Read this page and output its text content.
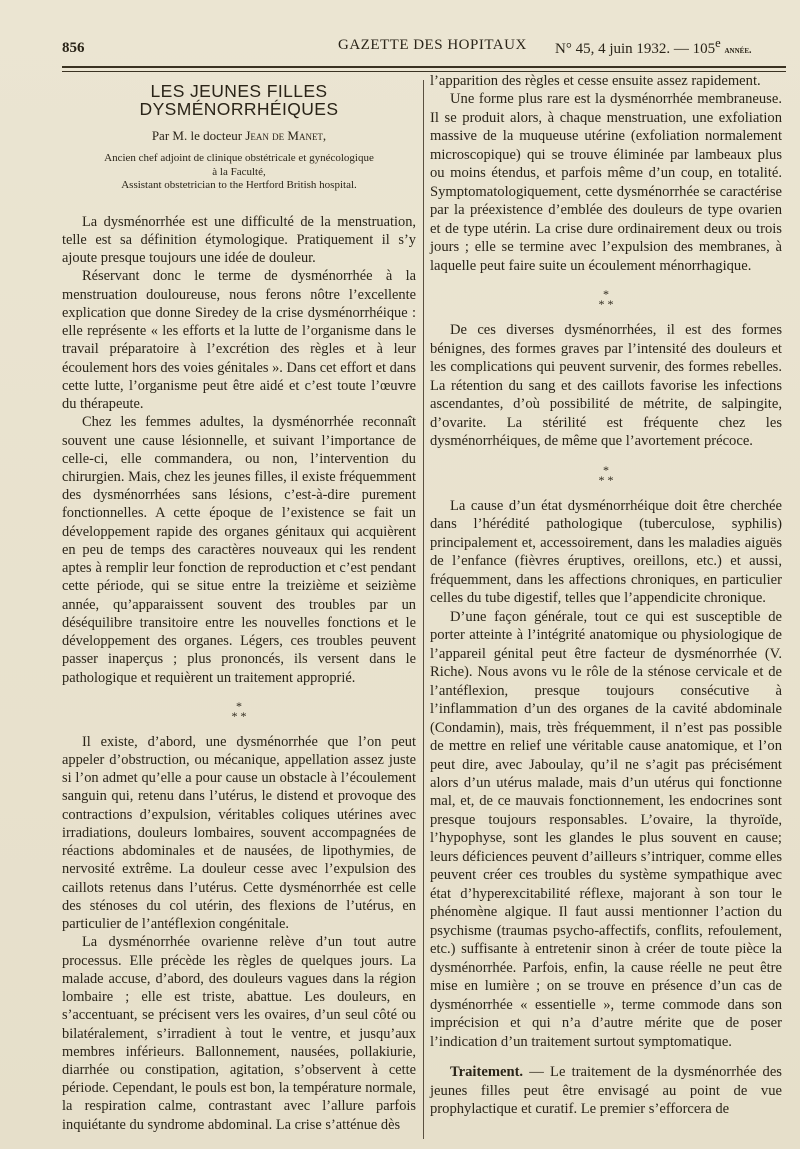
856	GAZETTE DES HOPITAUX N° 45, 4 juin 1932. — 105e année.
LES JEUNES FILLES DYSMÉNORRHÉIQUES
Par M. le docteur Jean de Manet,
Ancien chef adjoint de clinique obstétricale et gynécologique
à la Faculté,
Assistant obstetrician to the Hertford British hospital.

La dysménorrhée est une difficulté de la menstruation, telle est sa définition étymologique. Pratiquement il s’y ajoute presque toujours une idée de douleur.

Réservant donc le terme de dysménorrhée à la menstruation douloureuse, nous ferons nôtre l’excellente explication que donne Siredey de la crise dysménorrhéique : elle représente « les efforts et la lutte de l’organisme dans le travail préparatoire à l’excrétion des règles et à leur écoulement hors des voies génitales ». Dans cet effort et dans cette lutte, l’organisme peut être aidé et c’est toute l’œuvre du thérapeute.

Chez les femmes adultes, la dysménorrhée reconnaît souvent une cause lésionnelle, et suivant l’importance de celle-ci, elle commandera, ou non, l’intervention du chirurgien. Mais, chez les jeunes filles, il existe fréquemment des dysménorrhées sans lésions, c’est-à-dire purement fonctionnelles. A cette époque de l’existence se fait un développement rapide des organes génitaux qui acquièrent en peu de temps des caractères nouveaux qui les rendent aptes à remplir leur fonction de reproduction et c’est pendant cette période, qui se situe entre la treizième et seizième année, qu’apparaissent souvent des troubles par un déséquilibre transitoire entre les nouvelles fonctions et le développement des organes. Légers, ces troubles peuvent passer inaperçus ; plus prononcés, ils versent dans le pathologique et requièrent un traitement approprié.

*
* *

Il existe, d’abord, une dysménorrhée que l’on peut appeler d’obstruction, ou mécanique, appellation assez juste si l’on admet qu’elle a pour cause un obstacle à l’écoulement sanguin qui, retenu dans l’utérus, le distend et provoque des contractions d’expulsion, véritables coliques utérines avec irradiations, douleurs lombaires, souvent accompagnées de réactions abdominales et de nausées, de lipothymies, de nervosité extrême. La douleur cesse avec l’expulsion des caillots retenus dans l’utérus. Cette dysménorrhée est celle des sténoses du col utérin, des flexions de l’utérus, en particulier de l’antéflexion congénitale.

La dysménorrhée ovarienne relève d’un tout autre processus. Elle précède les règles de quelques jours. La malade accuse, d’abord, des douleurs vagues dans la région lombaire ; elle est triste, abattue. Les douleurs, en s’accentuant, se précisent vers les ovaires, d’un seul côté ou bilatéralement, s’irradient à tout le ventre, et jusqu’aux membres inférieurs. Ballonnement, nausées, pollakiurie, diarrhée ou constipation, agitation, s’observent à cette période. Cependant, le pouls est bon, la température normale, la respiration calme, contrastant avec l’allure parfois inquiétante du syndrome abdominal. La crise s’atténue dès

l’apparition des règles et cesse ensuite assez rapidement.

Une forme plus rare est la dysménorrhée membraneuse. Il se produit alors, à chaque menstruation, une exfoliation massive de la muqueuse utérine (exfoliation normalement microscopique) qui se trouve éliminée par lambeaux plus ou moins étendus, et parfois même d’un coup, en totalité. Symptomatologiquement, cette dysménorrhée se caractérise par la préexistence d’emblée des douleurs de type ovarien et de type utérin. La crise dure ordinairement deux ou trois jours ; elle se termine avec l’expulsion des membranes, à laquelle peut faire suite un écoulement ménorrhagique.

*
* *

De ces diverses dysménorrhées, il est des formes bénignes, des formes graves par l’intensité des douleurs et les complications qui peuvent survenir, des formes rebelles. La rétention du sang et des caillots favorise les infections ascendantes, d’où possibilité de métrite, de salpingite, d’ovarite. La stérilité est fréquente chez les dysménorrhéiques, de même que l’avortement précoce.

*
* *

La cause d’un état dysménorrhéique doit être cherchée dans l’hérédité pathologique (tuberculose, syphilis) principalement et, accessoirement, dans les maladies aiguës de l’enfance (fièvres éruptives, oreillons, etc.) et aussi, fréquemment, dans les affections chroniques, en particulier celles du tube digestif, telles que l’appendicite chronique.

D’une façon générale, tout ce qui est susceptible de porter atteinte à l’intégrité anatomique ou physiologique de l’appareil génital peut être facteur de dysménorrhée (V. Riche). Nous avons vu le rôle de la sténose cervicale et de l’antéflexion, presque toujours consécutive à l’inflammation d’un des organes de la cavité abdominale (Condamin), mais, très fréquemment, il n’est pas possible de mettre en relief une véritable cause anatomique, et l’on peut dire, avec Jaboulay, qu’il ne s’agit pas précisément alors d’un utérus malade, mais d’un utérus qui fonctionne mal, et, de ce mauvais fonctionnement, les endocrines sont presque toujours responsables. L’ovaire, la thyroïde, l’hypophyse, sont les glandes le plus souvent en cause; leurs déficiences peuvent d’ailleurs s’intriquer, comme elles peuvent créer ces troubles du système sympathique avec état d’hyperexcitabilité réflexe, majorant à son tour le phénomène algique. Il faut aussi mentionner l’action du psychisme (traumas psycho-affectifs, conflits, refoulement, etc.) suffisante à entretenir sinon à créer de toute pièce la dysménorrhée. Parfois, enfin, la cause réelle ne peut être mise en lumière ; on se trouve en présence d’un cas de dysménorrhée « essentielle », terme commode dans son imprécision et qui n’a d’autre mérite que de poser l’indication d’un traitement surtout symptomatique.

Traitement. — Le traitement de la dysménorrhée des jeunes filles peut être envisagé au point de vue prophylactique et curatif. Le premier s’efforcera de
